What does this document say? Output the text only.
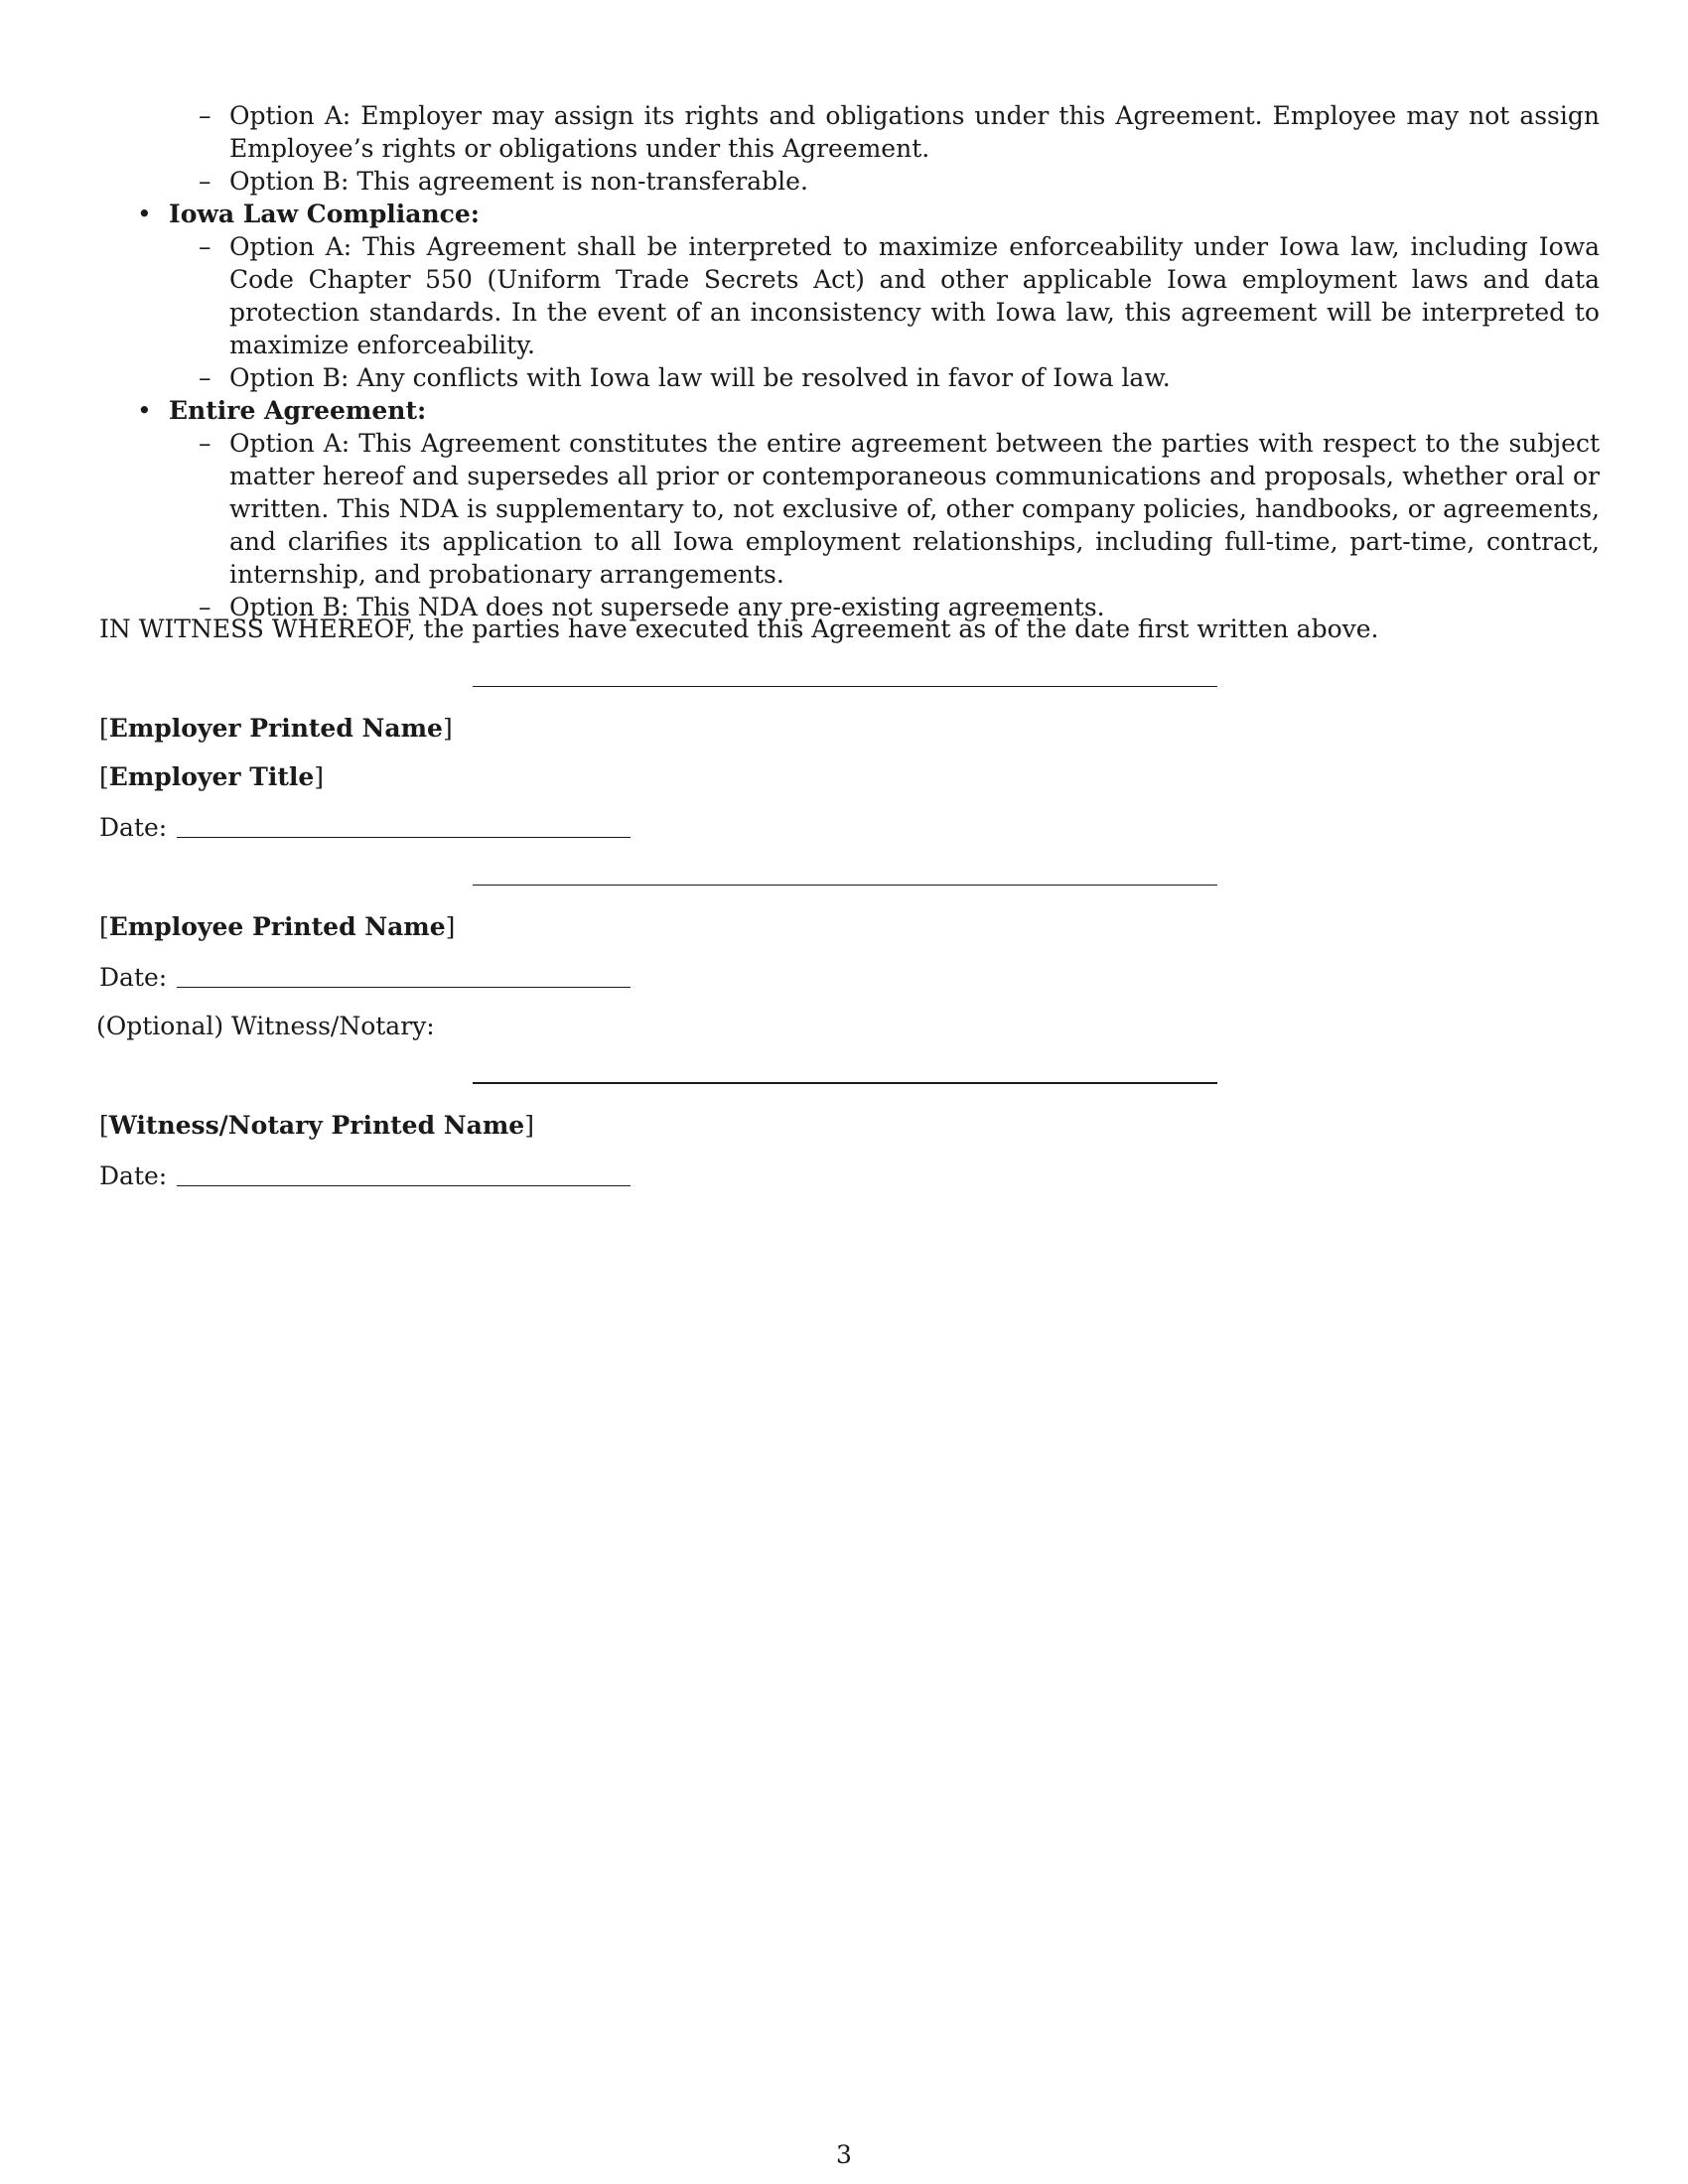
– Option A: Employer may assign its rights and obligations under this Agreement. Employee may not assign Employee’s rights or obligations under this Agreement.
– Option B: This agreement is non-transferable.
• Iowa Law Compliance:
– Option A: This Agreement shall be interpreted to maximize enforceability under Iowa law, including Iowa Code Chapter 550 (Uniform Trade Secrets Act) and other applicable Iowa employment laws and data protection standards. In the event of an inconsistency with Iowa law, this agreement will be interpreted to maximize enforceability.
– Option B: Any conflicts with Iowa law will be resolved in favor of Iowa law.
• Entire Agreement:
– Option A: This Agreement constitutes the entire agreement between the parties with respect to the subject matter hereof and supersedes all prior or contemporaneous communications and proposals, whether oral or written. This NDA is supplementary to, not exclusive of, other company policies, handbooks, or agreements, and clarifies its application to all Iowa employment relationships, including full-time, part-time, contract, internship, and probationary arrangements.
– Option B: This NDA does not supersede any pre-existing agreements.
IN WITNESS WHEREOF, the parties have executed this Agreement as of the date first written above.
[Employer Printed Name]
[Employer Title]
Date:
[Employee Printed Name]
Date:
(Optional) Witness/Notary:
[Witness/Notary Printed Name]
Date:
3
